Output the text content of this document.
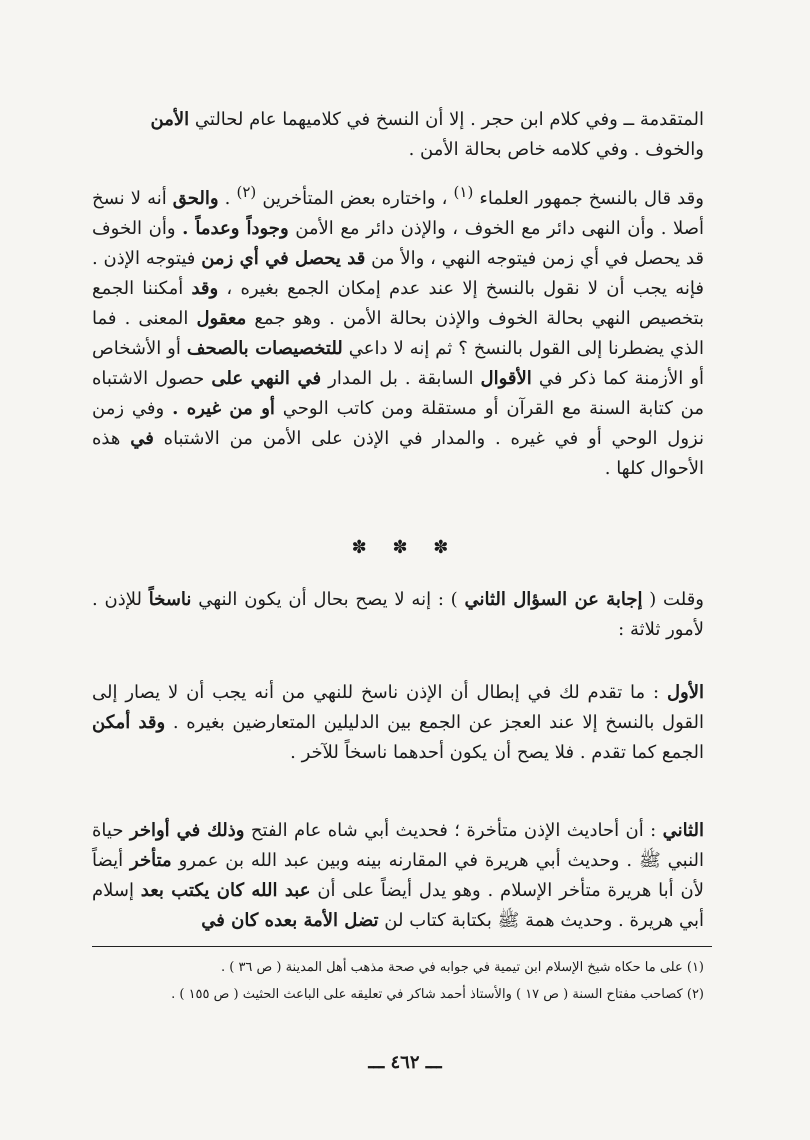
المتقدمة ــ وفي كلام ابن حجر . إلا أن النسخ في كلاميهما عام لحالتي الأمن
والخوف . وفي كلامه خاص بحالة الأمن .

وقد قال بالنسخ جمهور العلماء $^{(١)}$ ، واختاره بعض المتأخرين $^{(٢)}$ . والحق أنه لا نسخ أصلا . وأن النهى دائر مع الخوف ، والإذن دائر مع الأمن وجوداً وعدماً . وأن الخوف قد يحصل في أي زمن فيتوجه النهي ، والأ من قد يحصل في أي زمن فيتوجه الإذن . فإنه يجب أن لا نقول بالنسخ إلا عند عدم إمكان الجمع بغيره ، وقد أمكننا الجمع بتخصيص النهي بحالة الخوف والإذن بحالة الأمن . وهو جمع معقول المعنى . فما الذي يضطرنا إلى القول بالنسخ ؟ ثم إنه لا داعي للتخصيصات بالصحف أو الأشخاص أو الأزمنة كما ذكر في الأقوال السابقة . بل المدار في النهي على حصول الاشتباه من كتابة السنة مع القرآن أو مستقلة ومن كاتب الوحي أو من غيره . وفي زمن نزول الوحي أو في غيره . والمدار في الإذن على الأمن من الاشتباه في هذه الأحوال كلها .

✽ ✽ ✽

وقلت ( إجابة عن السؤال الثاني ) : إنه لا يصح بحال أن يكون النهي ناسخاً للإذن . لأمور ثلاثة :

الأول : ما تقدم لك في إبطال أن الإذن ناسخ للنهي من أنه يجب أن لا يصار إلى القول بالنسخ إلا عند العجز عن الجمع بين الدليلين المتعارضين بغيره . وقد أمكن الجمع كما تقدم . فلا يصح أن يكون أحدهما ناسخاً للآخر .

الثاني : أن أحاديث الإذن متأخرة ؛ فحديث أبي شاه عام الفتح وذلك في أواخر حياة النبي ﷺ . وحديث أبي هريرة في المقارنه بينه وبين عبد الله بن عمرو متأخر أيضاً لأن أبا هريرة متأخر الإسلام . وهو يدل أيضاً على أن عبد الله كان يكتب بعد إسلام أبي هريرة . وحديث همة ﷺ بكتابة كتاب لن تضل الأمة بعده كان في

(١) على ما حكاه شيخ الإسلام ابن تيمية في جوابه في صحة مذهب أهل المدينة ( ص ٣٦ ) .

(٢) كصاحب مفتاح السنة ( ص ١٧ ) والأستاذ أحمد شاكر في تعليقه على الباعث الحثيث ( ص ١٥٥ ) .

ـــ ٤٦٢ ـــ
